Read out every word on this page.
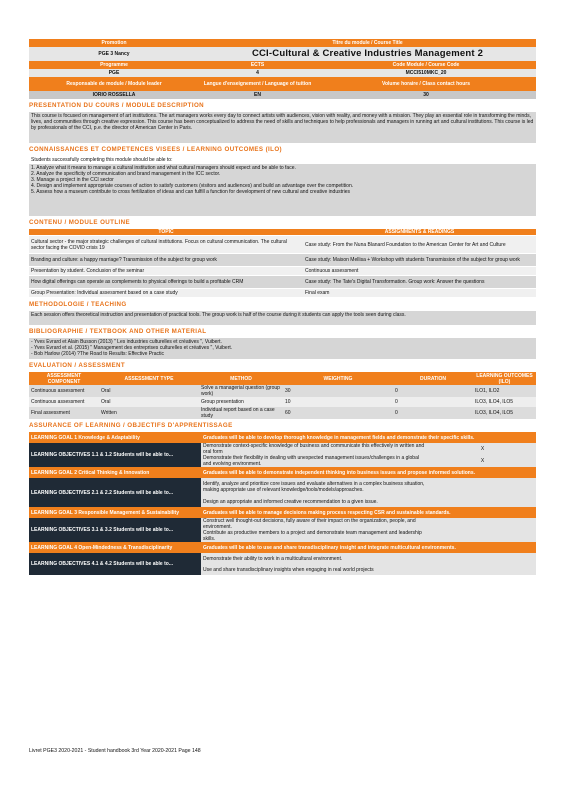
Promotion	Titre du module / Course Title	
PGE 3 Nancy	CCI-Cultural & Creative Industries Management 2	
Programme	ECTS	Code Module / Course Code
PGE	4	MCCI510MKC_20
Responsable de module / Module leader	Langue d'enseignement / Language of tuition	Volume horaire / Class contact hours
IORIO ROSSELLA	EN	30
PRESENTATION DU COURS / MODULE DESCRIPTION
This course is focused on management of art institutions. The art managers works every day to connect artists with audiences, vision with reality, and money with a mission. They play an essential role in transforming the minds, lives, and communities through creative expression. This course has been conceptualized to address the need of skills and techniques to help professionals and managers in running art and cultural institutions. This course is led by professionals of the CCI, p.e. the director of American Center in Paris.
CONNAISSANCES ET COMPETENCES VISEES / LEARNING OUTCOMES (ILO)
Students successfully completing this module should be able to:
1. Analyze what it means to manage a cultural institution and what cultural managers should expect and be able to face.
2. Analyze the specificity of communication and brand management in the ICC sector.
3. Manage a project in the CCI sector
4. Design and implement appropriate courses of action to satisfy customers (visitors and audiences) and build an advantage over the competition.
5. Assess how a museum contribute to cross fertilization of ideas and can fulfill a function for development of new cultural and creative industries
CONTENU / MODULE OUTLINE
TOPIC	ASSIGNMENTS & READINGS
Cultural sector - the major strategic challenges of cultural institutions. Focus on cultural communication. The cultural sector facing the COVID crisis 19	Case study: From the Nuna Blanard Foundation to the American Center for Art and Culture
Branding and culture: a happy marriage? Transmission of the subject for group work	Case study: Maison Mellisa + Workshop with students Transmission of the subject for group work
Presentation by student. Conclusion of the seminar	Continuous assessment
How digital offerings can operate as complements to physical offerings to build a profitable CRM	Case study: The Tate's Digital Transformation. Group work: Answer the questions
Group Presentation: Individual assessment based on a case study	Final exam
METHODOLOGIE / TEACHING
Each session offers theoretical instruction and presentation of practical tools. The group work is half of the course during it students can apply the tools seen during class.
BIBLIOGRAPHIE / TEXTBOOK AND OTHER MATERIAL
- Yves Evrard et Alain Busson (2013) " Les industries culturelles et créatives ", Vuibert.
- Yves Evrard et al. (2015) " Management des entreprises culturelles et créatives ", Vuibert.
- Bob Harlow (2014) ?The Road to Results: Effective Practic
EVALUATION / ASSESSMENT
ASSESSMENT COMPONENT	ASSESSMENT TYPE	METHOD	WEIGHTING	DURATION	LEARNING OUTCOMES (ILO)
Continuous assessment	Oral	Solve a managerial question (group work)	30	0	ILO1, ILO2
Continuous assessment	Oral	Group presentation	10	0	ILO3, ILO4, ILO5
Final assessment	Written	Individual report based on a case study	60	0	ILO3, ILO4, ILO5
ASSURANCE OF LEARNING / OBJECTIFS D'APPRENTISSAGE
LEARNING GOAL 1 Knowledge & Adaptability	Graduates will be able to develop thorough knowledge in management fields and demonstrate their specific skills.	
LEARNING OBJECTIVES 1.1 & 1.2 Students will be able to...	Demonstrate context-specific knowledge of business and communicate this effectively in written and oral form	X
	Demonstrate their flexibility in dealing with unexpected management issues/challenges in a global and evolving environment.	X
LEARNING GOAL 2 Critical Thinking & Innovation	Graduates will be able to demonstrate independent thinking into business issues and propose informed solutions.	
LEARNING OBJECTIVES 2.1 & 2.2 Students will be able to...	Identify, analyze and prioritize core issues and evaluate alternatives in a complex business situation, making appropriate use of relevant knowledge/tools/models/approaches.	
	Design an appropriate and informed creative recommendation to a given issue.	
LEARNING GOAL 3 Responsible Management & Sustainability	Graduates will be able to manage decisions making process respecting CSR and sustainable standards.	
LEARNING OBJECTIVES 3.1 & 3.2 Students will be able to...	Construct well thought-out decisions, fully aware of their impact on the organization, people, and environment.	
	Contribute as productive members to a project and demonstrate team management and leadership skills.	
LEARNING GOAL 4 Open-Mindedness & Transdisciplinarity	Graduates will be able to use and share transdisciplinary insight and integrate multicultural environments.	
LEARNING OBJECTIVES 4.1 & 4.2 Students will be able to...	Demonstrate their ability to work in a multicultural environment.	
	Use and share transdisciplinary insights when engaging in real world projects	
Livret PGE3 2020-2021 - Student handbook 3rd Year 2020-2021 Page 148
